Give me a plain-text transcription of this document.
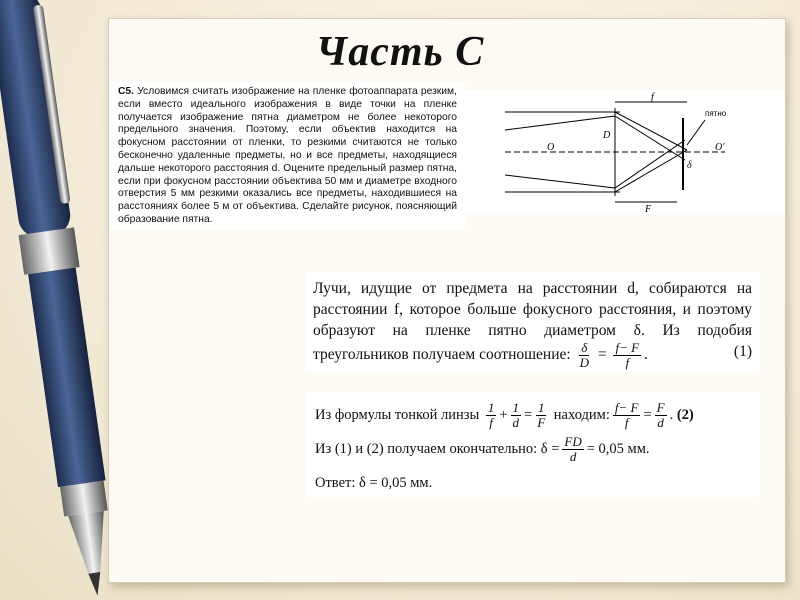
Часть С
С5. Условимся считать изображение на пленке фотоаппарата резким, если вместо идеального изображения в виде точки на пленке получается изображение пятна диаметром не более некоторого предельного значения. Поэтому, если объектив находится на фокусном расстоянии от пленки, то резкими считаются не только бесконечно удаленные предметы, но и все предметы, находящиеся дальше некоторого расстояния d. Оцените предельный размер пятна, если при фокусном расстоянии объектива 50 мм и диаметре входного отверстия 5 мм резкими оказались все предметы, находившиеся на расстояниях более 5 м от объектива. Сделайте рисунок, поясняющий образование пятна.
f
F
D
O	O′
δ
пятно
Лучи, идущие от предмета на расстоянии d, собираются на расстоянии f, которое больше фокусного расстояния, и поэтому образуют на пленке пятно диаметром δ. Из подобия треугольников получаем соотношение: $\frac{\delta}{D} = \frac{f- F}{f}$ .	(1)
Из формулы тонкой линзы
$\frac{1}{f} + \frac{1}{d} = \frac{1}{F}$
находим: $\frac{f- F}{f} = \frac{F}{d}$ . (2)
Из (1) и (2) получаем окончательно: $\delta = \frac{FD}{d} = 0,05$ мм.
Ответ: δ = 0,05 мм.
